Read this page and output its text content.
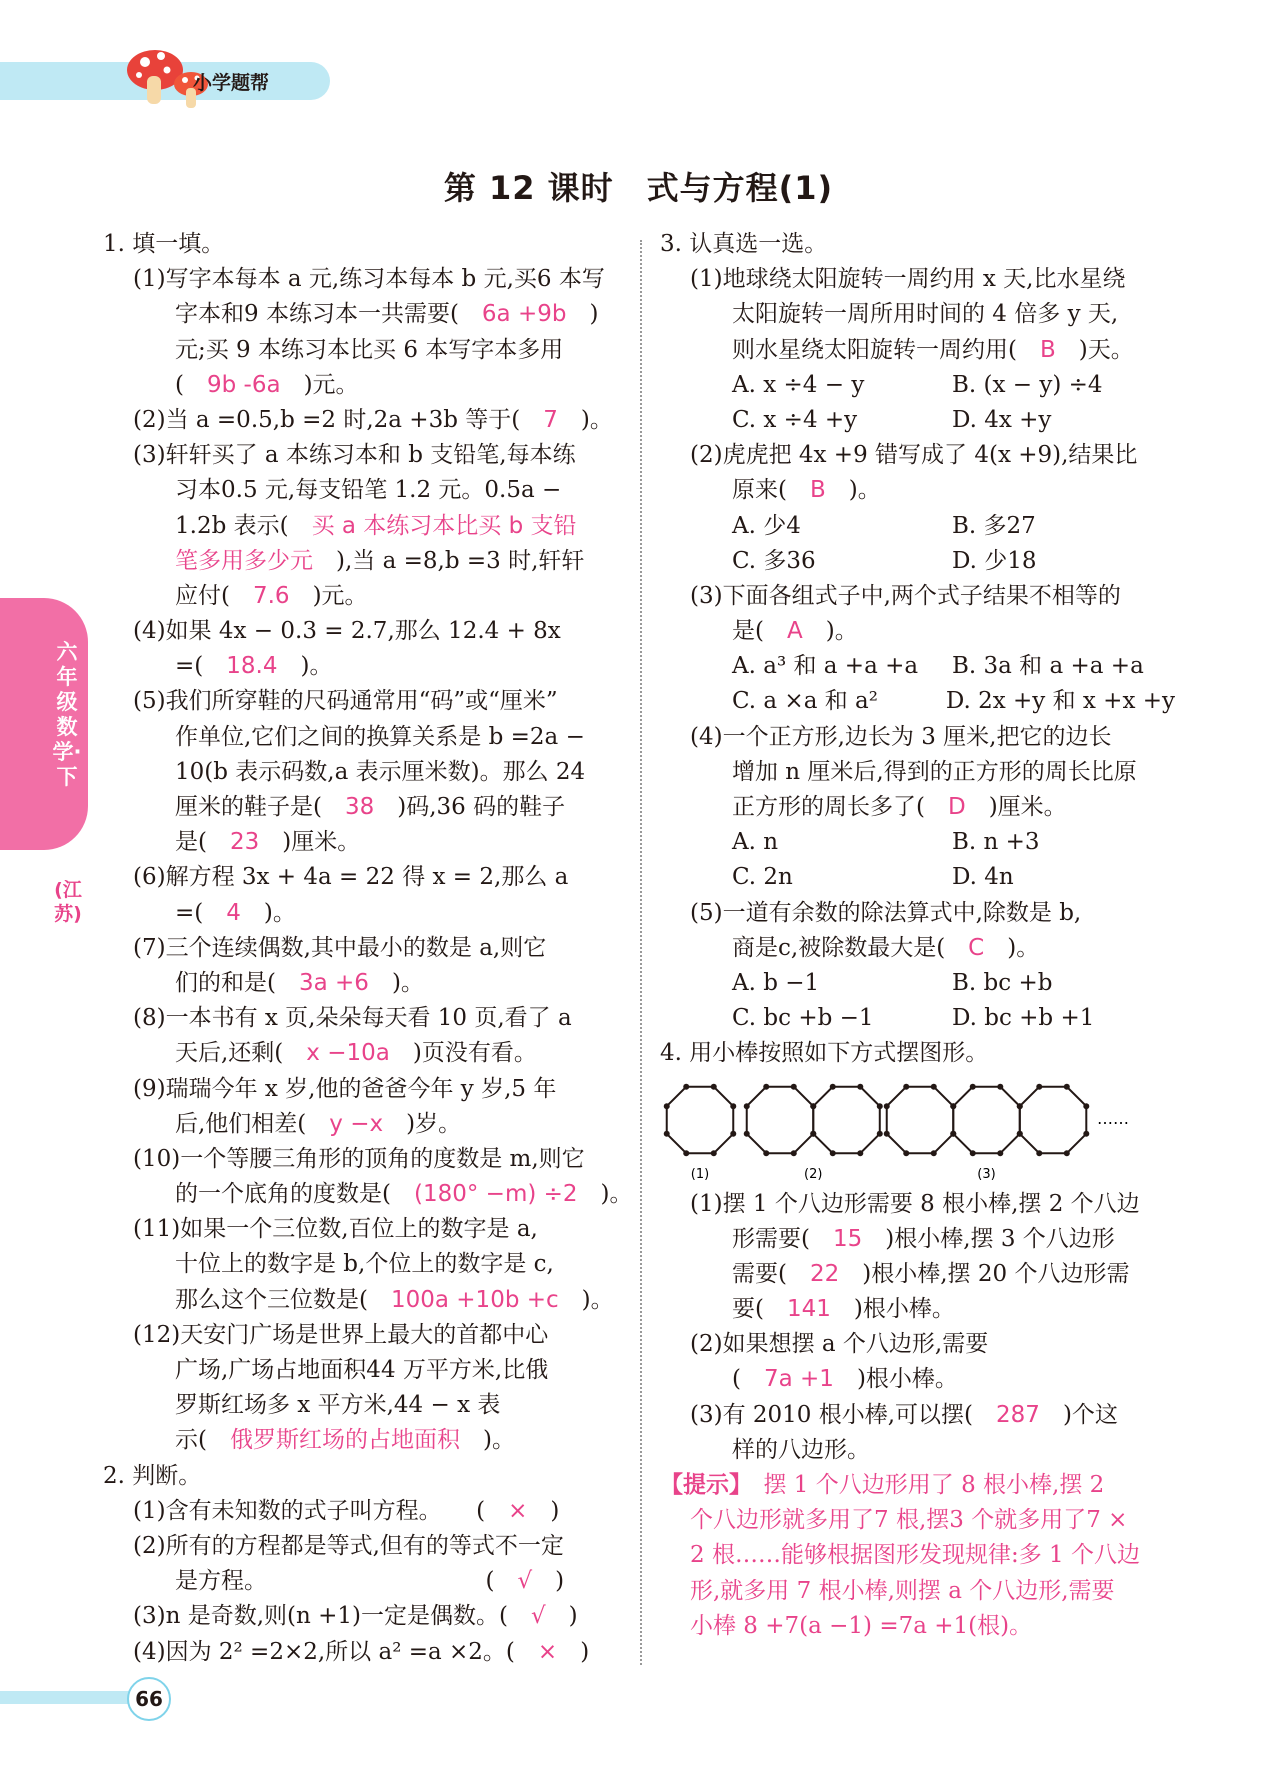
小学题帮
第 12 课时　式与方程(1)
六年级数学·下
(江苏)
1. 填一填。
(1)写字本每本 a 元,练习本每本 b 元,买6 本写
字本和9 本练习本一共需要(　6a +9b　)
元;买 9 本练习本比买 6 本写字本多用
(　9b -6a　)元。
(2)当 a =0.5,b =2 时,2a +3b 等于(　7　)。
(3)轩轩买了 a 本练习本和 b 支铅笔,每本练
习本0.5 元,每支铅笔 1.2 元。0.5a −
1.2b 表示(　买 a 本练习本比买 b 支铅
笔多用多少元　),当 a =8,b =3 时,轩轩
应付(　7.6　)元。
(4)如果 4x − 0.3 = 2.7,那么 12.4 + 8x
=(　18.4　)。
(5)我们所穿鞋的尺码通常用“码”或“厘米”
作单位,它们之间的换算关系是 b =2a −
10(b 表示码数,a 表示厘米数)。那么 24
厘米的鞋子是(　38　)码,36 码的鞋子
是(　23　)厘米。
(6)解方程 3x + 4a = 22 得 x = 2,那么 a
=(　4　)。
(7)三个连续偶数,其中最小的数是 a,则它
们的和是(　3a +6　)。
(8)一本书有 x 页,朵朵每天看 10 页,看了 a
天后,还剩(　x −10a　)页没有看。
(9)瑞瑞今年 x 岁,他的爸爸今年 y 岁,5 年
后,他们相差(　y −x　)岁。
(10)一个等腰三角形的顶角的度数是 m,则它
的一个底角的度数是(　(180° −m) ÷2　)。
(11)如果一个三位数,百位上的数字是 a,
十位上的数字是 b,个位上的数字是 c,
那么这个三位数是(　100a +10b +c　)。
(12)天安门广场是世界上最大的首都中心
广场,广场占地面积44 万平方米,比俄
罗斯红场多 x 平方米,44 − x 表
示(　俄罗斯红场的占地面积　)。
2. 判断。
(1)含有未知数的式子叫方程。　　(　×　)
(2)所有的方程都是等式,但有的等式不一定
是方程。　　　　　　　　　　(　√　)
(3)n 是奇数,则(n +1)一定是偶数。(　√　)
(4)因为 2² =2×2,所以 a² =a ×2。(　×　)
3. 认真选一选。
(1)地球绕太阳旋转一周约用 x 天,比水星绕
太阳旋转一周所用时间的 4 倍多 y 天,
则水星绕太阳旋转一周约用(　B　)天。
A. x ÷4 − y	B. (x − y) ÷4
C. x ÷4 +y	D. 4x +y
(2)虎虎把 4x +9 错写成了 4(x +9),结果比
原来(　B　)。
A. 少4	B. 多27
C. 多36	D. 少18
(3)下面各组式子中,两个式子结果不相等的
是(　A　)。
A. a³ 和 a +a +a	B. 3a 和 a +a +a
C. a ×a 和 a²	D. 2x +y 和 x +x +y
(4)一个正方形,边长为 3 厘米,把它的边长
增加 n 厘米后,得到的正方形的周长比原
正方形的周长多了(　D　)厘米。
A. n	B. n +3
C. 2n	D. 4n
(5)一道有余数的除法算式中,除数是 b,
商是c,被除数最大是(　C　)。
A. b −1	B. bc +b
C. bc +b −1	D. bc +b +1
4. 用小棒按照如下方式摆图形。
(1)	(2)	(3)
……
(1)摆 1 个八边形需要 8 根小棒,摆 2 个八边
形需要(　15　)根小棒,摆 3 个八边形
需要(　22　)根小棒,摆 20 个八边形需
要(　141　)根小棒。
(2)如果想摆 a 个八边形,需要
(　7a +1　)根小棒。
(3)有 2010 根小棒,可以摆(　287　)个这
样的八边形。
【提示】　摆 1 个八边形用了 8 根小棒,摆 2
个八边形就多用了7 根,摆3 个就多用了7 ×
2 根……能够根据图形发现规律:多 1 个八边
形,就多用 7 根小棒,则摆 a 个八边形,需要
小棒 8 +7(a −1) =7a +1(根)。
66
